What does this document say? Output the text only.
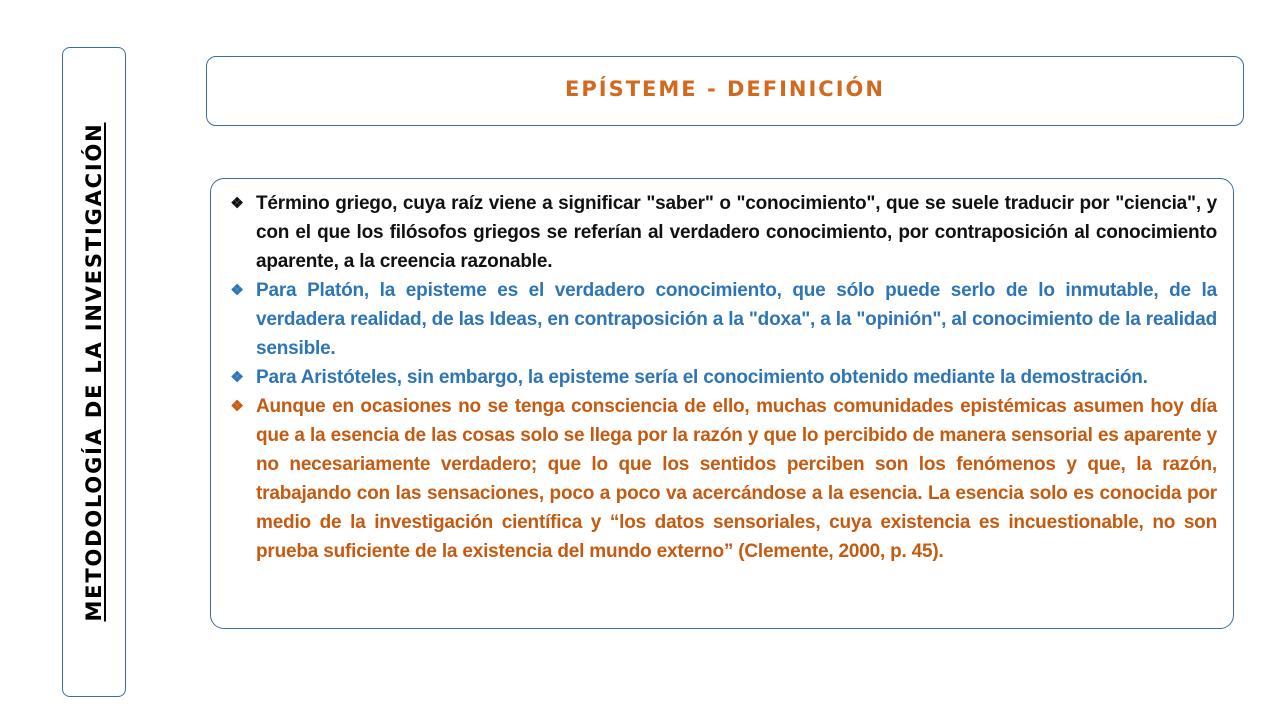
METODOLOGÍA DE LA INVESTIGACIÓN
EPÍSTEME - DEFINICIÓN
❖ Término griego, cuya raíz viene a significar "saber" o "conocimiento", que se suele traducir por "ciencia", y con el que los filósofos griegos se referían al verdadero conocimiento, por contraposición al conocimiento aparente, a la creencia razonable.
❖ Para Platón, la episteme es el verdadero conocimiento, que sólo puede serlo de lo inmutable, de la verdadera realidad, de las Ideas, en contraposición a la "doxa", a la "opinión", al conocimiento de la realidad sensible.
❖ Para Aristóteles, sin embargo, la episteme sería el conocimiento obtenido mediante la demostración.
❖ Aunque en ocasiones no se tenga consciencia de ello, muchas comunidades epistémicas asumen hoy día que a la esencia de las cosas solo se llega por la razón y que lo percibido de manera sensorial es aparente y no necesariamente verdadero; que lo que los sentidos perciben son los fenómenos y que, la razón, trabajando con las sensaciones, poco a poco va acercándose a la esencia. La esencia solo es conocida por medio de la investigación científica y “los datos sensoriales, cuya existencia es incuestionable, no son prueba suficiente de la existencia del mundo externo” (Clemente, 2000, p. 45).
